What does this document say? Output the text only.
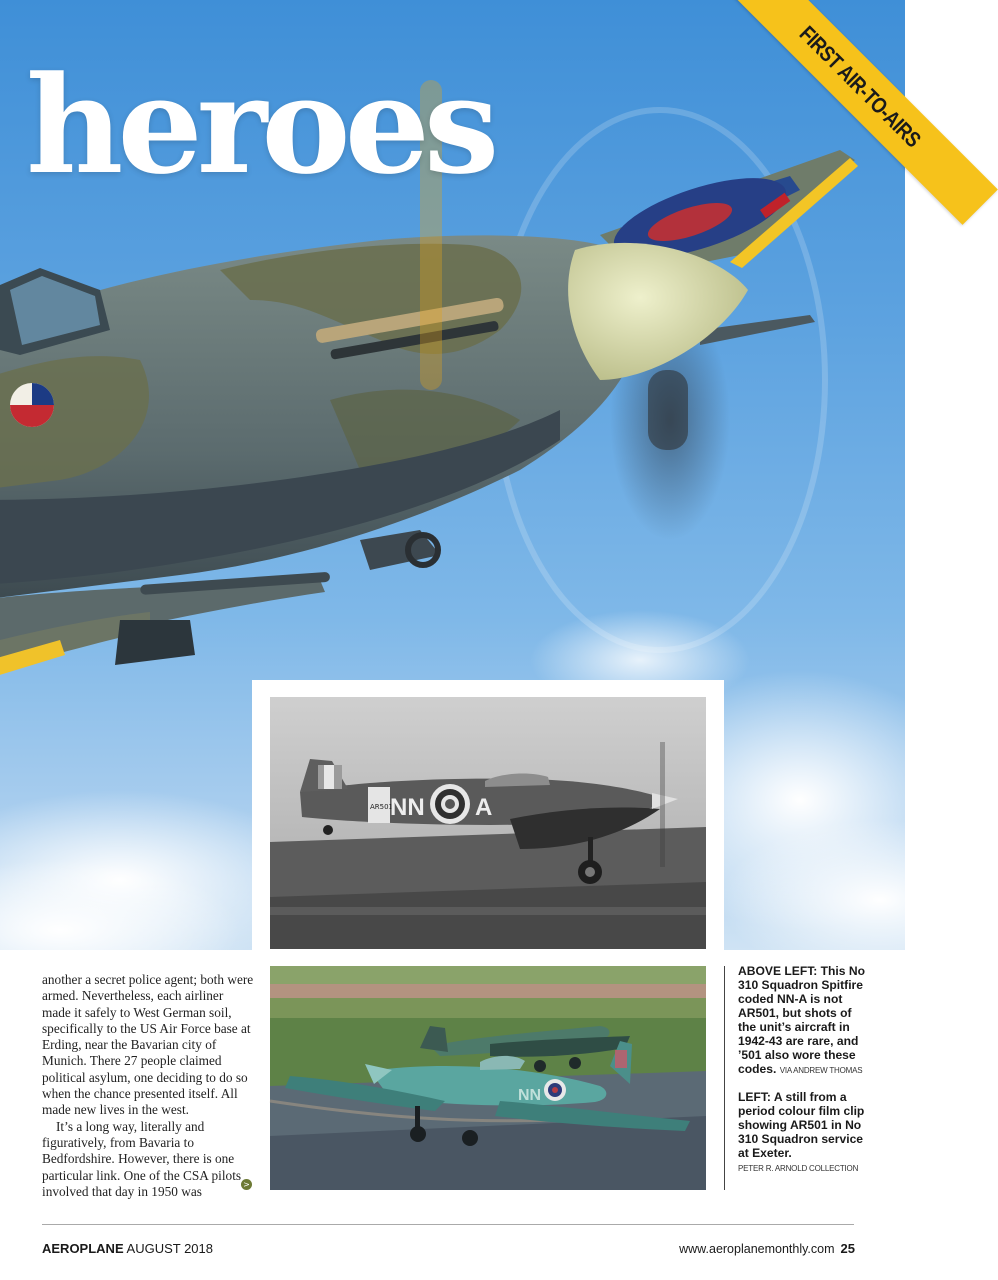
heroes	FIRST AIR-TO-AIRS
AR501
NN A
NN

another a secret police agent; both were armed. Nevertheless, each airliner made it safely to West German soil, specifically to the US Air Force base at Erding, near the Bavarian city of Munich. There 27 people claimed political asylum, one deciding to do so when the chance presented itself. All made new lives in the west.

It’s a long way, literally and figuratively, from Bavaria to Bedfordshire. However, there is one particular link. One of the CSA pilots involved that day in 1950 was	>
ABOVE LEFT: This No 310 Squadron Spitfire coded NN-A is not AR501, but shots of the unit’s aircraft in 1942-43 are rare, and ’501 also wore these codes. VIA ANDREW THOMAS
LEFT: A still from a period colour film clip showing AR501 in No 310 Squadron service at Exeter.
PETER R. ARNOLD COLLECTION
AEROPLANE AUGUST 2018	www.aeroplanemonthly.com 25
